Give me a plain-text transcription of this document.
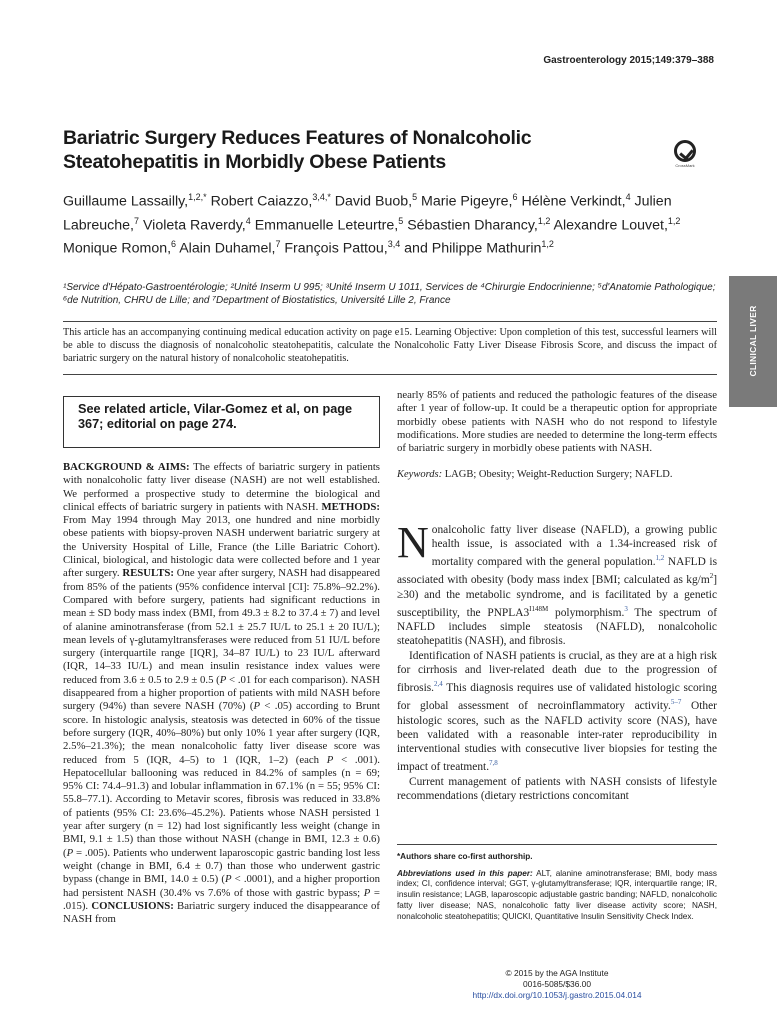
Gastroenterology 2015;149:379–388
Bariatric Surgery Reduces Features of Nonalcoholic Steatohepatitis in Morbidly Obese Patients	CrossMark
Guillaume Lassailly,$^{1,2,*}$ Robert Caiazzo,$^{3,4,*}$ David Buob,$^5$ Marie Pigeyre,$^6$ Hélène Verkindt,$^4$ Julien Labreuche,$^7$ Violeta Raverdy,$^4$ Emmanuelle Leteurtre,$^5$ Sébastien Dharancy,$^{1,2}$ Alexandre Louvet,$^{1,2}$ Monique Romon,$^6$ Alain Duhamel,$^7$ François Pattou,$^{3,4}$ and Philippe Mathurin$^{1,2}$
¹Service d'Hépato-Gastroentérologie; ²Unité Inserm U 995; ³Unité Inserm U 1011, Services de ⁴Chirurgie Endocrinienne; ⁵d'Anatomie Pathologique; ⁶de Nutrition, CHRU de Lille; and ⁷Department of Biostatistics, Université Lille 2, France
This article has an accompanying continuing medical education activity on page e15. Learning Objective: Upon completion of this test, successful learners will be able to discuss the diagnosis of nonalcoholic steatohepatitis, calculate the Nonalcoholic Fatty Liver Disease Fibrosis Score, and discuss the impact of bariatric surgery on the natural history of nonalcoholic steatohepatitis.	CLINICAL LIVER

See related article, Vilar-Gomez et al, on page 367; editorial on page 274.

BACKGROUND & AIMS: The effects of bariatric surgery in patients with nonalcoholic fatty liver disease (NASH) are not well established. We performed a prospective study to determine the biological and clinical effects of bariatric surgery in patients with NASH. METHODS: From May 1994 through May 2013, one hundred and nine morbidly obese patients with biopsy-proven NASH underwent bariatric surgery at the University Hospital of Lille, France (the Lille Bariatric Cohort). Clinical, biological, and histologic data were collected before and 1 year after surgery. RESULTS: One year after surgery, NASH had disappeared from 85% of the patients (95% confidence interval [CI]: 75.8%–92.2%). Compared with before surgery, patients had significant reductions in mean ± SD body mass index (BMI, from 49.3 ± 8.2 to 37.4 ± 7) and level of alanine aminotransferase (from 52.1 ± 25.7 IU/L to 25.1 ± 20 IU/L); mean levels of γ-glutamyltransferases were reduced from 51 IU/L before surgery (interquartile range [IQR], 34–87 IU/L) to 23 IU/L afterward (IQR, 14–33 IU/L) and mean insulin resistance index values were reduced from 3.6 ± 0.5 to 2.9 ± 0.5 (P < .01 for each comparison). NASH disappeared from a higher proportion of patients with mild NASH before surgery (94%) than severe NASH (70%) (P < .05) according to Brunt score. In histologic analysis, steatosis was detected in 60% of the tissue before surgery (IQR, 40%–80%) but only 10% 1 year after surgery (IQR, 2.5%–21.3%); the mean nonalcoholic fatty liver disease score was reduced from 5 (IQR, 4–5) to 1 (IQR, 1–2) (each P < .001). Hepatocellular ballooning was reduced in 84.2% of samples (n = 69; 95% CI: 74.4–91.3) and lobular inflammation in 67.1% (n = 55; 95% CI: 55.8–77.1). According to Metavir scores, fibrosis was reduced in 33.8% of patients (95% CI: 23.6%–45.2%). Patients whose NASH persisted 1 year after surgery (n = 12) had lost significantly less weight (change in BMI, 9.1 ± 1.5) than those without NASH (change in BMI, 12.3 ± 0.6) (P = .005). Patients who underwent laparoscopic gastric banding lost less weight (change in BMI, 6.4 ± 0.7) than those who underwent gastric bypass (change in BMI, 14.0 ± 0.5) (P < .0001), and a higher proportion had persistent NASH (30.4% vs 7.6% of those with gastric bypass; P = .015). CONCLUSIONS: Bariatric surgery induced the disappearance of NASH from

nearly 85% of patients and reduced the pathologic features of the disease after 1 year of follow-up. It could be a therapeutic option for appropriate morbidly obese patients with NASH who do not respond to lifestyle modifications. More studies are needed to determine the long-term effects of bariatric surgery in morbidly obese patients with NASH.

Keywords: LAGB; Obesity; Weight-Reduction Surgery; NAFLD.

N onalcoholic fatty liver disease (NAFLD), a growing public health issue, is associated with a 1.34-increased risk of mortality compared with the general population.$^{1,2}$ NAFLD is associated with obesity (body mass index [BMI; calculated as $kg/m^2] \ge 30$) and the metabolic syndrome, and is facilitated by a genetic susceptibility, the $PNPLA3^{I148M}$ polymorphism.$^3$ The spectrum of NAFLD includes simple steatosis (NAFLD), nonalcoholic steatohepatitis (NASH), and fibrosis.

Identification of NASH patients is crucial, as they are at a high risk for cirrhosis and liver-related death due to the progression of fibrosis.$^{2,4}$ This diagnosis requires use of validated histologic scoring for global assessment of necroinflammatory activity.$^{5-7}$ Other histologic scores, such as the NAFLD activity score (NAS), have been validated with a reasonable inter-rater reproducibility in interventional studies with consecutive liver biopsies for testing the impact of treatment.$^{7,8}$

Current management of patients with NASH consists of lifestyle recommendations (dietary restrictions concomitant

*Authors share co-first authorship.

Abbreviations used in this paper: ALT, alanine aminotransferase; BMI, body mass index; CI, confidence interval; GGT, γ-glutamyltransferase; IQR, interquartile range; IR, insulin resistance; LAGB, laparoscopic adjustable gastric banding; NAFLD, nonalcoholic fatty liver disease; NAS, nonalcoholic fatty liver disease activity score; NASH, nonalcoholic steatohepatitis; QUICKI, Quantitative Insulin Sensitivity Check Index.

© 2015 by the AGA Institute
0016-5085/$36.00
http://dx.doi.org/10.1053/j.gastro.2015.04.014
